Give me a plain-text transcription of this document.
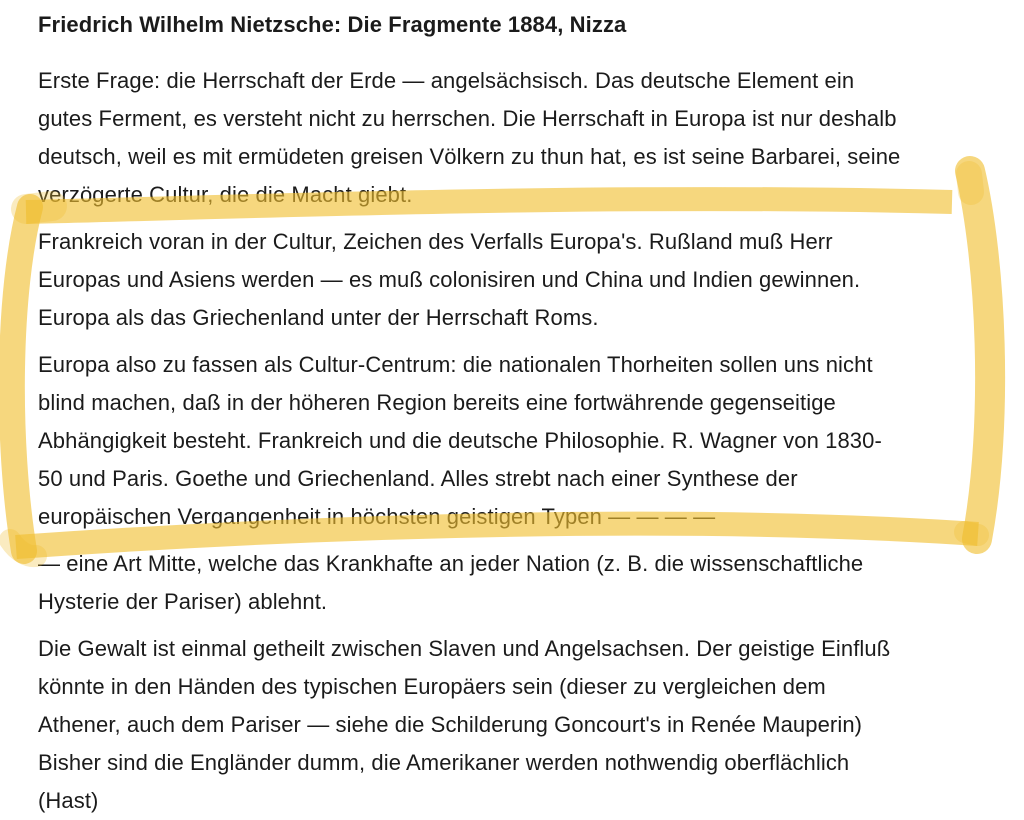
Friedrich Wilhelm Nietzsche: Die Fragmente 1884, Nizza

Erste Frage: die Herrschaft der Erde — angelsächsisch. Das deutsche Element ein
gutes Ferment, es versteht nicht zu herrschen. Die Herrschaft in Europa ist nur deshalb
deutsch, weil es mit ermüdeten greisen Völkern zu thun hat, es ist seine Barbarei, seine
verzögerte Cultur, die die Macht giebt.

Frankreich voran in der Cultur, Zeichen des Verfalls Europa's. Rußland muß Herr
Europas und Asiens werden — es muß colonisiren und China und Indien gewinnen.
Europa als das Griechenland unter der Herrschaft Roms.

Europa also zu fassen als Cultur-Centrum: die nationalen Thorheiten sollen uns nicht
blind machen, daß in der höheren Region bereits eine fortwährende gegenseitige
Abhängigkeit besteht. Frankreich und die deutsche Philosophie. R. Wagner von 1830-
50 und Paris. Goethe und Griechenland. Alles strebt nach einer Synthese der
europäischen Vergangenheit in höchsten geistigen Typen — — — —

— eine Art Mitte, welche das Krankhafte an jeder Nation (z. B. die wissenschaftliche
Hysterie der Pariser) ablehnt.

Die Gewalt ist einmal getheilt zwischen Slaven und Angelsachsen. Der geistige Einfluß
könnte in den Händen des typischen Europäers sein (dieser zu vergleichen dem
Athener, auch dem Pariser — siehe die Schilderung Goncourt's in Renée Mauperin)
Bisher sind die Engländer dumm, die Amerikaner werden nothwendig oberflächlich
(Hast)
